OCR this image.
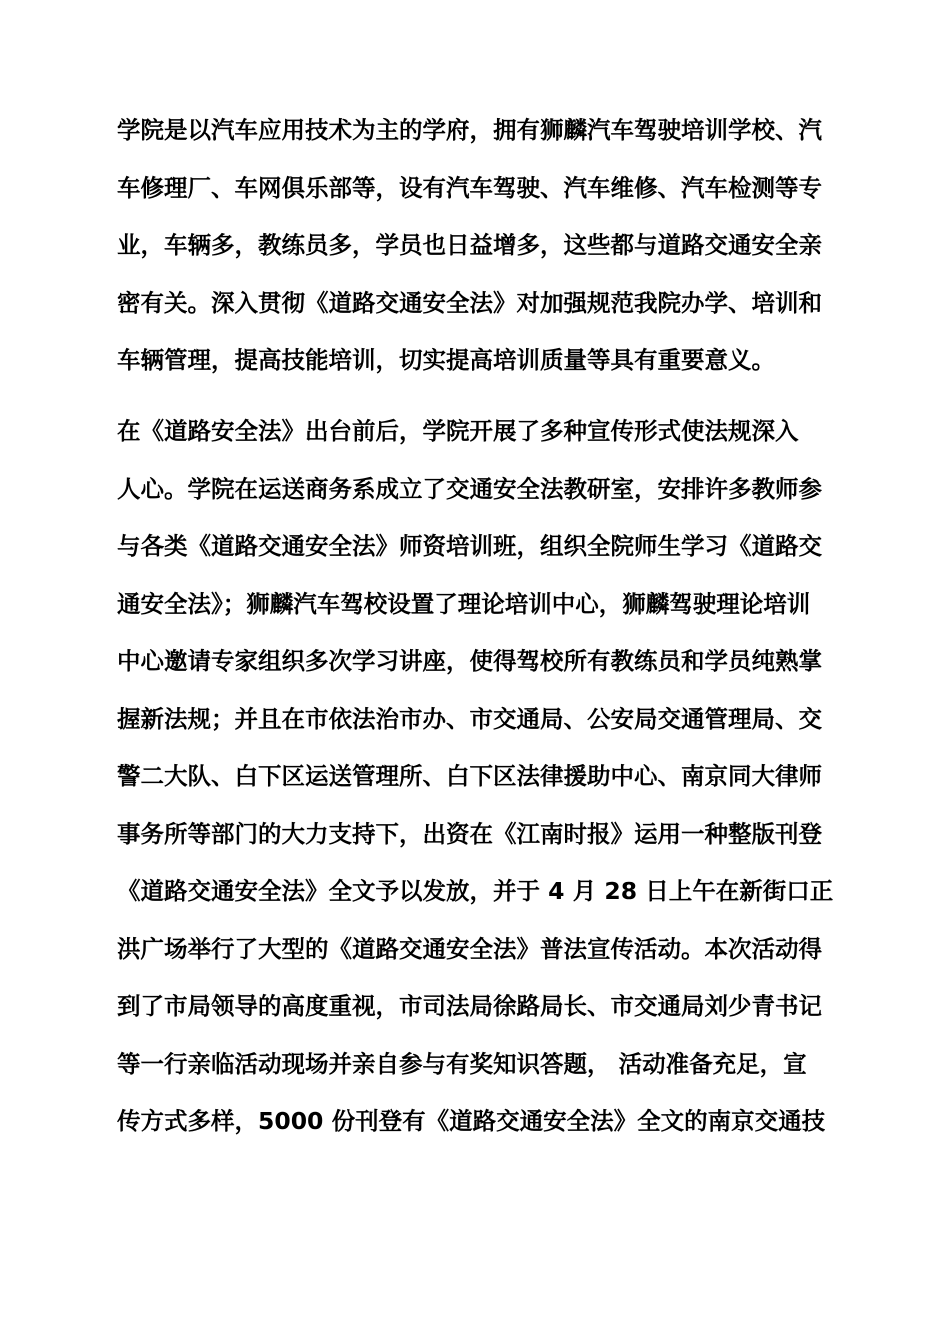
学院是以汽车应用技术为主的学府，拥有狮麟汽车驾驶培训学校、汽
车修理厂、车网俱乐部等，设有汽车驾驶、汽车维修、汽车检测等专
业，车辆多，教练员多，学员也日益增多，这些都与道路交通安全亲
密有关。深入贯彻《道路交通安全法》对加强规范我院办学、培训和
车辆管理，提高技能培训，切实提高培训质量等具有重要意义。
在《道路安全法》出台前后，学院开展了多种宣传形式使法规深入
人心。学院在运送商务系成立了交通安全法教研室，安排许多教师参
与各类《道路交通安全法》师资培训班，组织全院师生学习《道路交
通安全法》；狮麟汽车驾校设置了理论培训中心，狮麟驾驶理论培训
中心邀请专家组织多次学习讲座，使得驾校所有教练员和学员纯熟掌
握新法规；并且在市依法治市办、市交通局、公安局交通管理局、交
警二大队、白下区运送管理所、白下区法律援助中心、南京同大律师
事务所等部门的大力支持下，出资在《江南时报》运用一种整版刊登
《道路交通安全法》全文予以发放，并于 4 月 28 日上午在新街口正
洪广场举行了大型的《道路交通安全法》普法宣传活动。本次活动得
到了市局领导的高度重视，市司法局徐路局长、市交通局刘少青书记
等一行亲临活动现场并亲自参与有奖知识答题， 活动准备充足，宣
传方式多样，5000 份刊登有《道路交通安全法》全文的南京交通技
